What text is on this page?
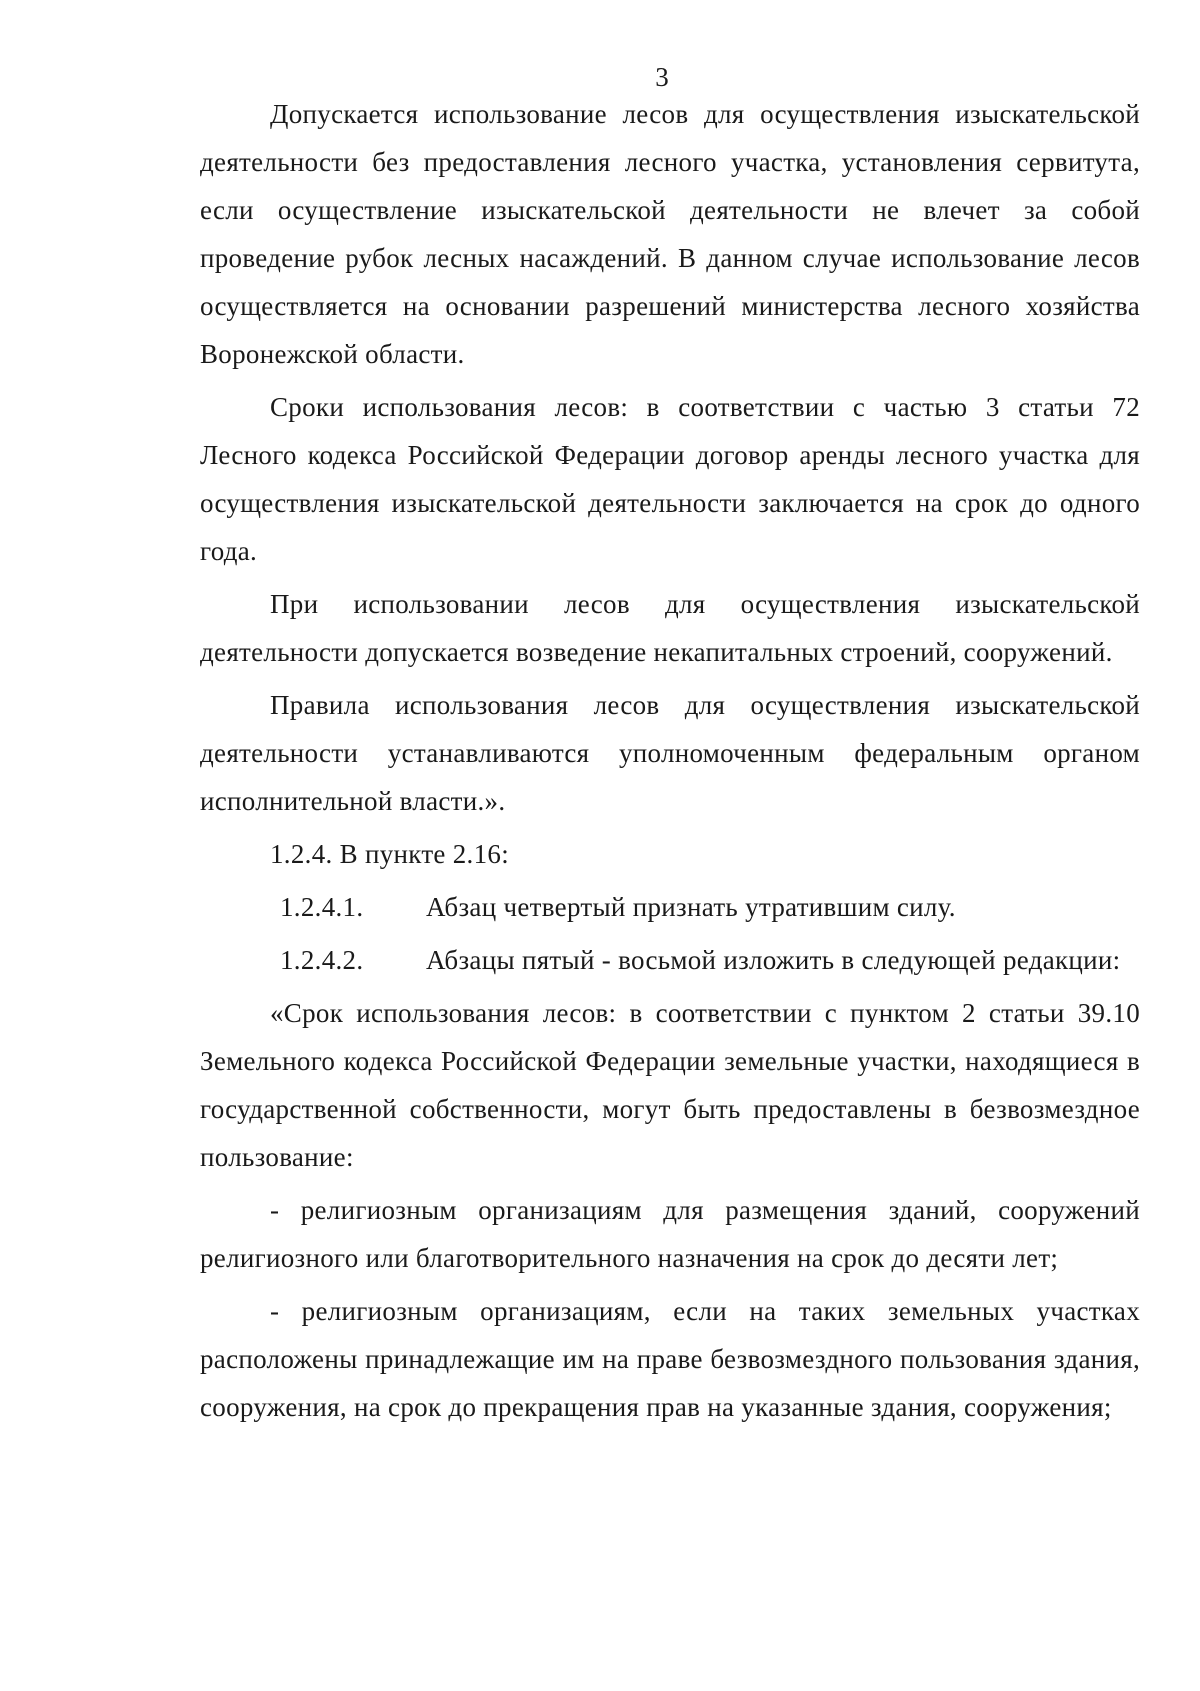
3

Допускается использование лесов для осуществления изыскательской деятельности без предоставления лесного участка, установления сервитута, если осуществление изыскательской деятельности не влечет за собой проведение рубок лесных насаждений. В данном случае использование лесов осуществляется на основании разрешений министерства лесного хозяйства Воронежской области.

Сроки использования лесов: в соответствии с частью 3 статьи 72 Лесного кодекса Российской Федерации договор аренды лесного участка для осуществления изыскательской деятельности заключается на срок до одного года.

При использовании лесов для осуществления изыскательской деятельности допускается возведение некапитальных строений, сооружений.

Правила использования лесов для осуществления изыскательской деятельности устанавливаются уполномоченным федеральным органом исполнительной власти.».

1.2.4. В пункте 2.16:

1.2.4.1.	Абзац четвертый признать утратившим силу.
1.2.4.2.	Абзацы пятый - восьмой изложить в следующей редакции:

«Срок использования лесов: в соответствии с пунктом 2 статьи 39.10 Земельного кодекса Российской Федерации земельные участки, находящиеся в государственной собственности, могут быть предоставлены в безвозмездное пользование:

- религиозным организациям для размещения зданий, сооружений религиозного или благотворительного назначения на срок до десяти лет;

- религиозным организациям, если на таких земельных участках расположены принадлежащие им на праве безвозмездного пользования здания, сооружения, на срок до прекращения прав на указанные здания, сооружения;
